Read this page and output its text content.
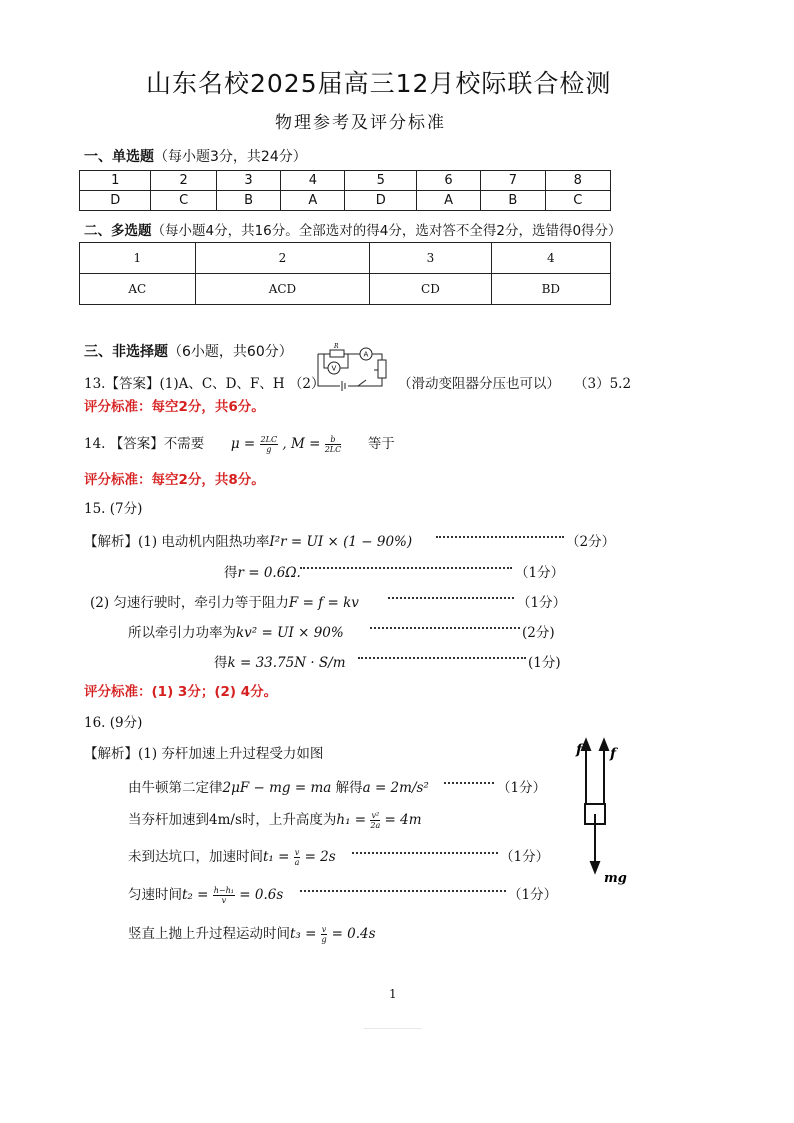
山东名校2025届高三12月校际联合检测
物理参考及评分标准
一、单选题（每小题3分，共24分）
1	2	3	4	5	6	7	8
D	C	B	A	D	A	B	C
二、多选题（每小题4分，共16分。全部选对的得4分，选对答不全得2分，选错得0得分）
1	2	3	4
AC	ACD	CD	BD
三、非选择题（6小题，共60分）
13.【答案】(1)A、C、D、F、H （2）
R
A
V
（滑动变阻器分压也可以） （3）5.2
评分标准：每空2分，共6分。
14. 【答案】不需要 $\mu = \frac{2LC}{g}$ , $M = \frac{b}{2LC}$ 等于
评分标准：每空2分，共8分。
15. (7分)
【解析】(1) 电动机内阻热功率I²r = UI × (1 − 90%)	（2分）
得r = 0.6Ω.	（1分）
(2) 匀速行驶时，牵引力等于阻力F = f = kv	（1分）
所以牵引力功率为kv² = UI × 90%	(2分)
得k = 33.75N · S/m	(1分)
评分标准：(1) 3分；(2) 4分。
16. (9分)
【解析】(1) 夯杆加速上升过程受力如图
由牛顿第二定律2μF − mg = ma 解得a = 2m/s²	（1分）
当夯杆加速到4m/s时，上升高度为$h_1 = \frac{\text{v²}}{2a} = 4m$
未到达坑口，加速时间$t_1 = \frac{v}{a} = 2s$	（1分）
匀速时间$t_2 = \frac{\text{h−h₁}}{v} = 0.6s$	（1分）
竖直上抛上升过程运动时间$t_3 = \frac{v}{g} = 0.4s$
f f
mg
1
